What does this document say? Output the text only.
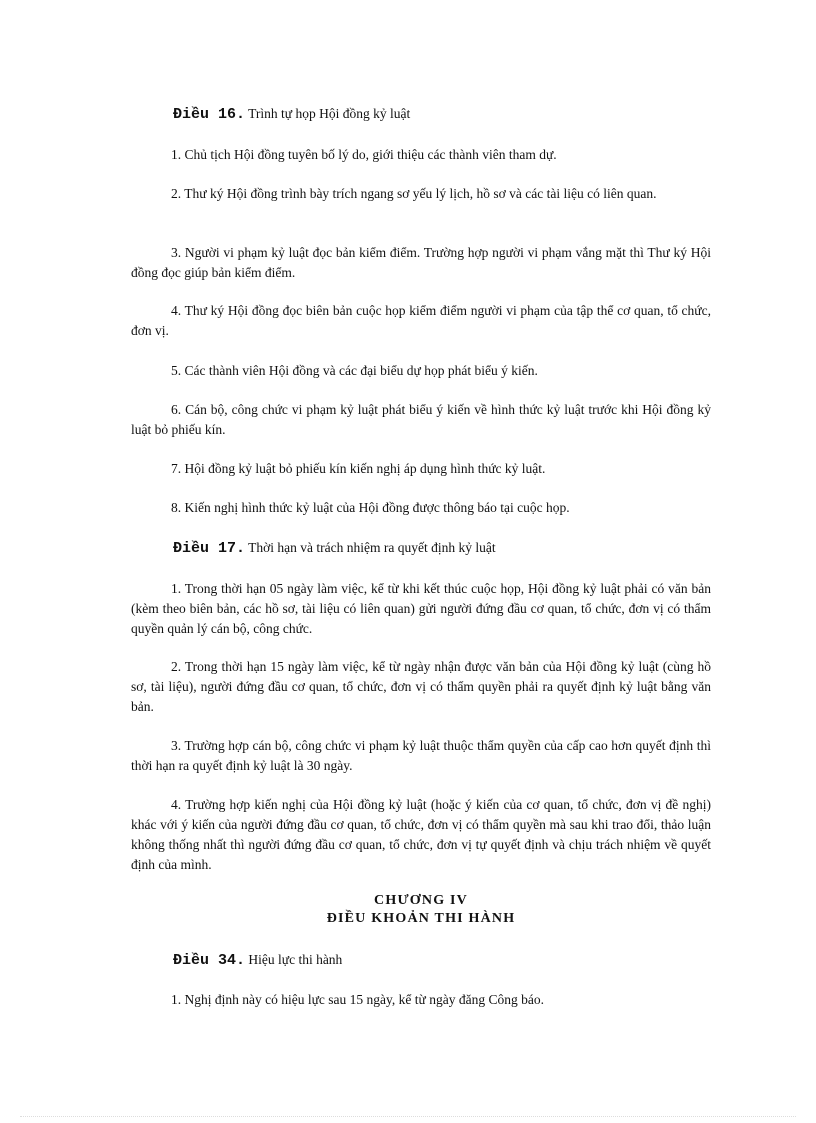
Điều 16. Trình tự họp Hội đồng kỷ luật

1. Chủ tịch Hội đồng tuyên bố lý do, giới thiệu các thành viên tham dự.

2. Thư ký Hội đồng trình bày trích ngang sơ yếu lý lịch, hồ sơ và các tài liệu có liên quan.

3. Người vi phạm kỷ luật đọc bản kiểm điểm. Trường hợp người vi phạm vắng mặt thì Thư ký Hội đồng đọc giúp bản kiểm điểm.

4. Thư ký Hội đồng đọc biên bản cuộc họp kiểm điểm người vi phạm của tập thể cơ quan, tổ chức, đơn vị.

5. Các thành viên Hội đồng và các đại biểu dự họp phát biểu ý kiến.

6. Cán bộ, công chức vi phạm kỷ luật phát biểu ý kiến về hình thức kỷ luật trước khi Hội đồng kỷ luật bỏ phiếu kín.

7. Hội đồng kỷ luật bỏ phiếu kín kiến nghị áp dụng hình thức kỷ luật.

8. Kiến nghị hình thức kỷ luật của Hội đồng được thông báo tại cuộc họp.

Điều 17. Thời hạn và trách nhiệm ra quyết định kỷ luật

1. Trong thời hạn 05 ngày làm việc, kể từ khi kết thúc cuộc họp, Hội đồng kỷ luật phải có văn bản (kèm theo biên bản, các hồ sơ, tài liệu có liên quan) gửi người đứng đầu cơ quan, tổ chức, đơn vị có thẩm quyền quản lý cán bộ, công chức.

2. Trong thời hạn 15 ngày làm việc, kể từ ngày nhận được văn bản của Hội đồng kỷ luật (cùng hồ sơ, tài liệu), người đứng đầu cơ quan, tổ chức, đơn vị có thẩm quyền phải ra quyết định kỷ luật bằng văn bản.

3. Trường hợp cán bộ, công chức vi phạm kỷ luật thuộc thẩm quyền của cấp cao hơn quyết định thì thời hạn ra quyết định kỷ luật là 30 ngày.

4. Trường hợp kiến nghị của Hội đồng kỷ luật (hoặc ý kiến của cơ quan, tổ chức, đơn vị đề nghị) khác với ý kiến của người đứng đầu cơ quan, tổ chức, đơn vị có thẩm quyền mà sau khi trao đổi, thảo luận không thống nhất thì người đứng đầu cơ quan, tổ chức, đơn vị tự quyết định và chịu trách nhiệm về quyết định của mình.

CHƯƠNG IV
ĐIỀU KHOẢN THI HÀNH

Điều 34. Hiệu lực thi hành

1. Nghị định này có hiệu lực sau 15 ngày, kể từ ngày đăng Công báo.
